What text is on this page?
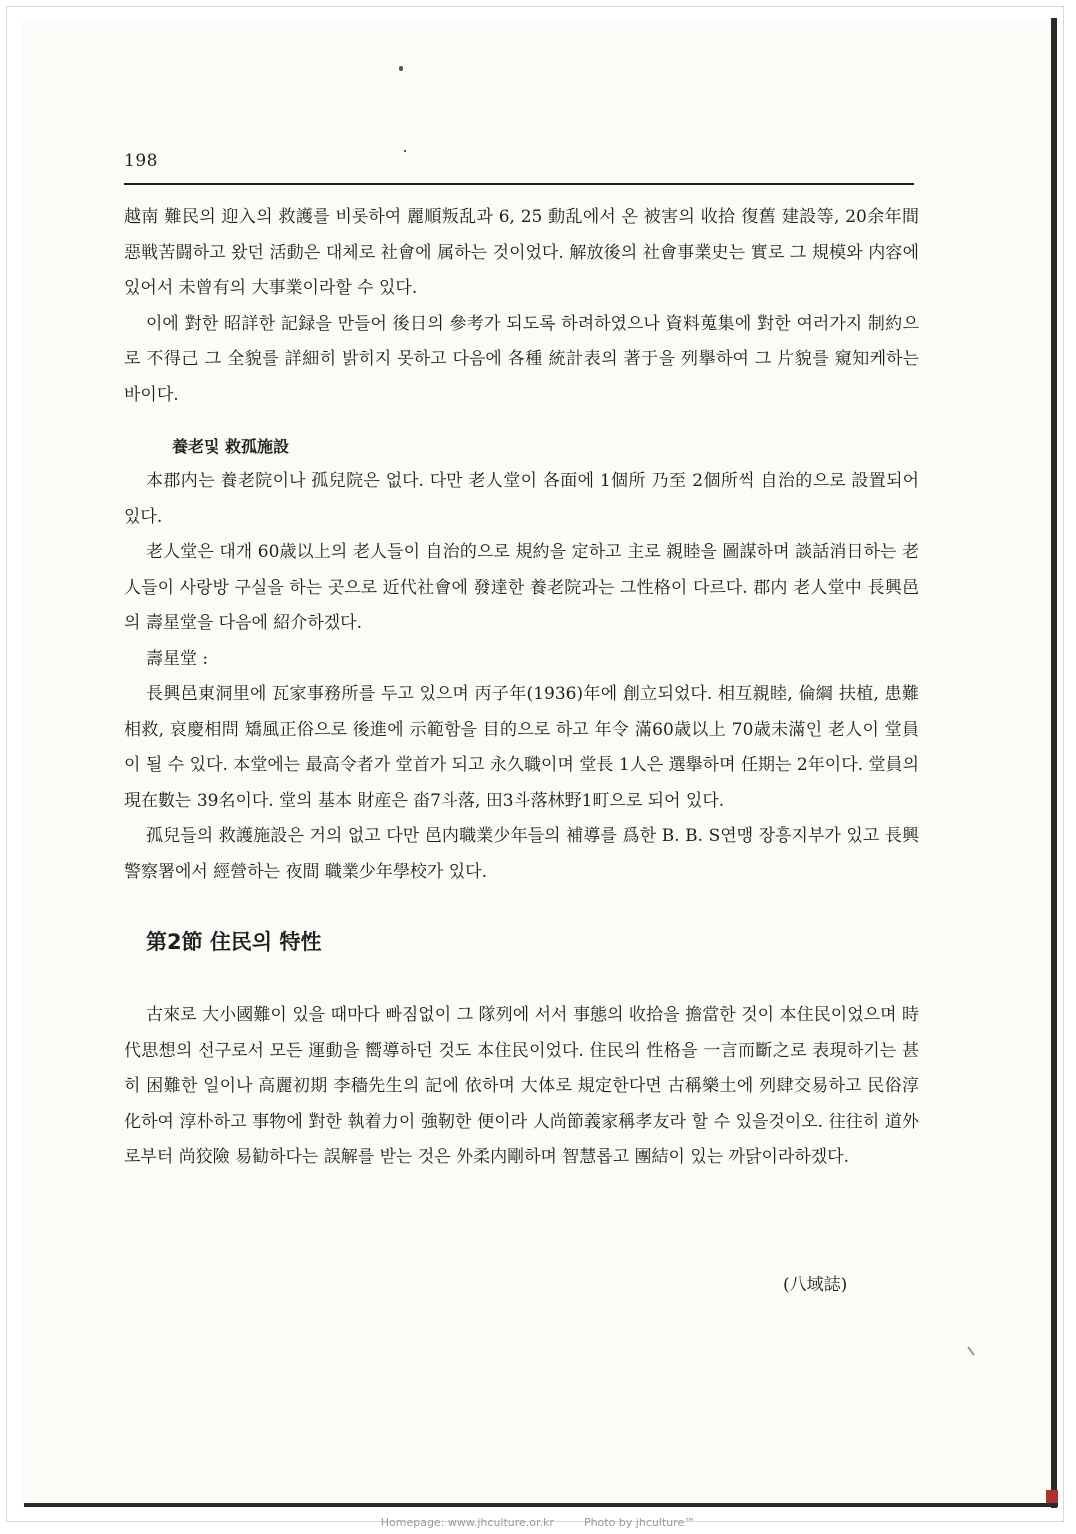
198

越南 難民의 迎入의 救護를 비롯하여 麗順叛乱과 6, 25 動乱에서 온 被害의 收拾 復舊 建設等, 20余年間 惡戦苦闘하고 왔던 活動은 대체로 社會에 属하는 것이었다. 解放後의 社會事業史는 實로 그 規模와 内容에 있어서 未曾有의 大事業이라할 수 있다.

이에 對한 昭詳한 記録을 만들어 後日의 參考가 되도록 하려하였으나 資料蒐集에 對한 여러가지 制約으로 不得己 그 全貌를 詳細히 밝히지 못하고 다음에 各種 統計表의 著于을 列擧하여 그 片貌를 窺知케하는 바이다.

養老및 救孤施設

本郡内는 養老院이나 孤兒院은 없다. 다만 老人堂이 各面에 1個所 乃至 2個所씩 自治的으로 設置되어 있다.

老人堂은 대개 60歳以上의 老人들이 自治的으로 規約을 定하고 主로 親睦을 圖謀하며 談話消日하는 老人들이 사랑방 구실을 하는 곳으로 近代社會에 發達한 養老院과는 그性格이 다르다. 郡内 老人堂中 長興邑의 壽星堂을 다음에 紹介하겠다.

壽星堂 :

長興邑東洞里에 瓦家事務所를 두고 있으며 丙子年(1936)年에 創立되었다. 相互親睦, 倫綱 扶植, 患難相救, 哀慶相問 矯風正俗으로 後進에 示範함을 目的으로 하고 年令 滿60歳以上 70歳未滿인 老人이 堂員이 될 수 있다. 本堂에는 最高令者가 堂首가 되고 永久職이며 堂長 1人은 選擧하며 任期는 2年이다. 堂員의 現在數는 39名이다. 堂의 基本 財産은 畓7斗落, 田3斗落林野1町으로 되어 있다.

孤兒들의 救護施設은 거의 없고 다만 邑内職業少年들의 補導를 爲한 B. B. S연맹 장흥지부가 있고 長興警察署에서 經營하는 夜間 職業少年學校가 있다.

第2節 住民의 特性

古來로 大小國難이 있을 때마다 빠짐없이 그 隊列에 서서 事態의 收拾을 擔當한 것이 本住民이었으며 時代思想의 선구로서 모든 運動을 嚮導하던 것도 本住民이었다. 住民의 性格을 一言而斷之로 表現하기는 甚히 困難한 일이나 高麗初期 李穡先生의 記에 依하며 大体로 規定한다면 古稱樂土에 列肆交易하고 民俗淳化하여 淳朴하고 事物에 對한 執着力이 強靭한 便이라 人尚節義家稱孝友라 할 수 있을것이오. 往往히 道外로부터 尚狡險 易勧하다는 誤解를 받는 것은 外柔内剛하며 智慧롭고 團結이 있는 까닭이라하겠다.

(八域誌)
Homepage: www.jhculture.or.kr	Photo by jhculture™
